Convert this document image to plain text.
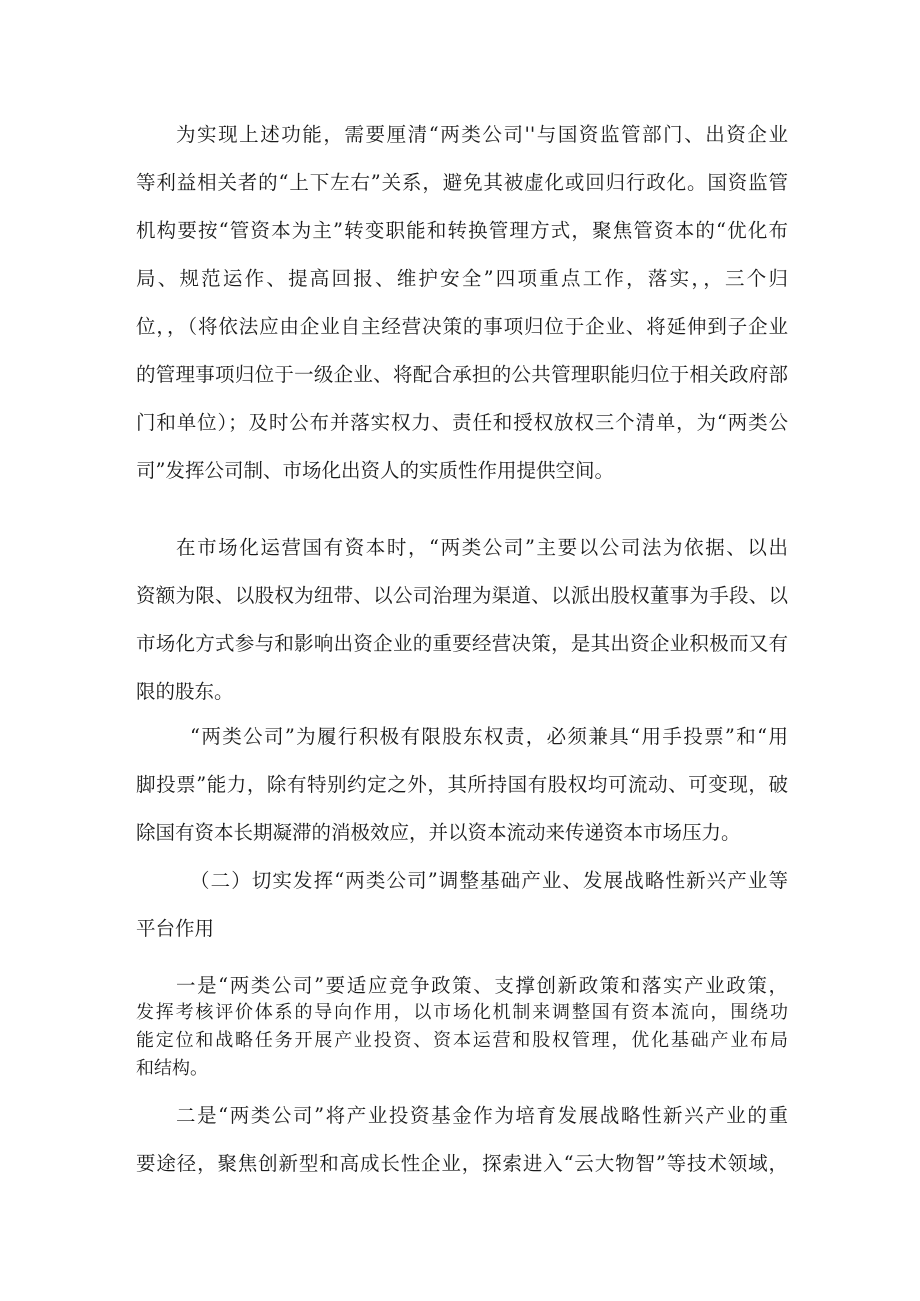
为实现上述功能，需要厘清“两类公司''与国资监管部门、出资企业
等利益相关者的“上下左右”关系，避免其被虚化或回归行政化。国资监管
机构要按“管资本为主”转变职能和转换管理方式，聚焦管资本的“优化布
局、规范运作、提高回报、维护安全”四项重点工作，落实，，三个归
位，，（将依法应由企业自主经营决策的事项归位于企业、将延伸到子企业
的管理事项归位于一级企业、将配合承担的公共管理职能归位于相关政府部
门和单位）；及时公布并落实权力、责任和授权放权三个清单，为“两类公
司”发挥公司制、市场化出资人的实质性作用提供空间。
在市场化运营国有资本时，“两类公司”主要以公司法为依据、以出
资额为限、以股权为纽带、以公司治理为渠道、以派出股权董事为手段、以
市场化方式参与和影响出资企业的重要经营决策，是其出资企业积极而又有
限的股东。
“两类公司”为履行积极有限股东权责，必须兼具“用手投票”和“用
脚投票”能力，除有特别约定之外，其所持国有股权均可流动、可变现，破
除国有资本长期凝滞的消极效应，并以资本流动来传递资本市场压力。
（二）切实发挥“两类公司”调整基础产业、发展战略性新兴产业等
平台作用
一是“两类公司”要适应竞争政策、支撑创新政策和落实产业政策，
发挥考核评价体系的导向作用，以市场化机制来调整国有资本流向，围绕功
能定位和战略任务开展产业投资、资本运营和股权管理，优化基础产业布局
和结构。
二是“两类公司”将产业投资基金作为培育发展战略性新兴产业的重
要途径，聚焦创新型和高成长性企业，探索进入“云大物智”等技术领域，
